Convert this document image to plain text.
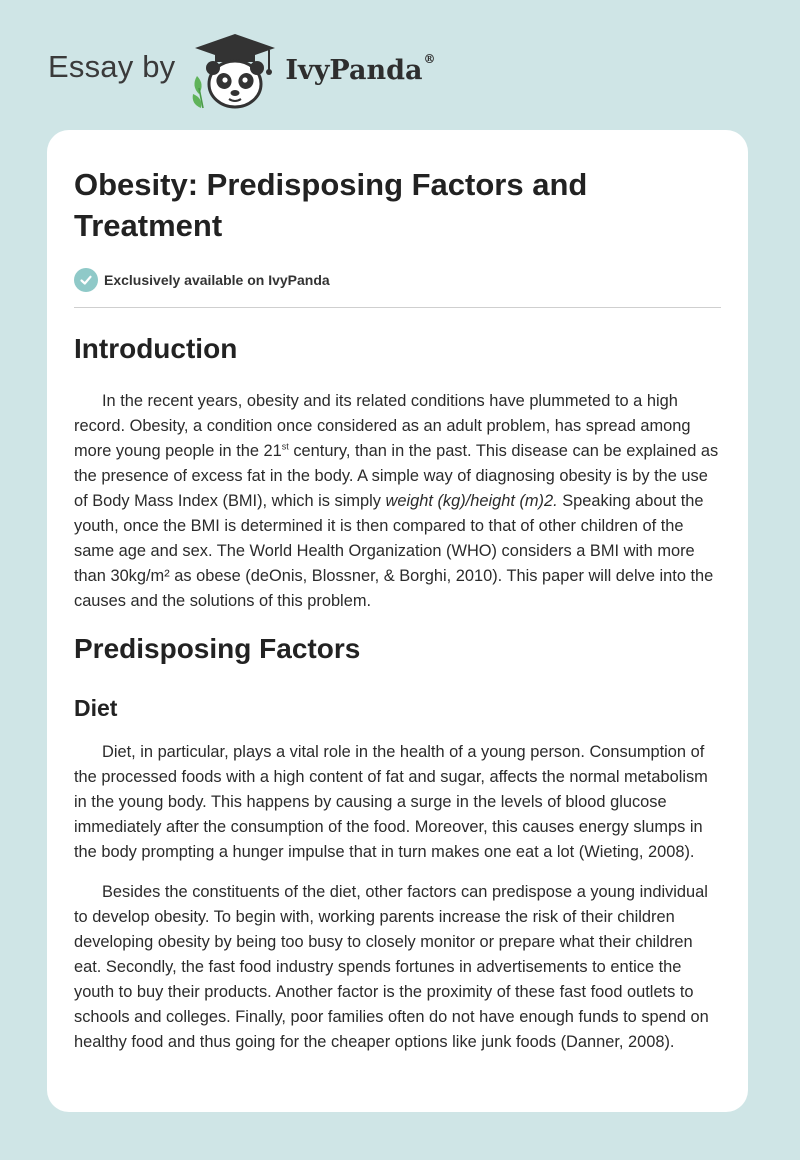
Essay by	IvyPanda®
Obesity: Predisposing Factors and Treatment
Exclusively available on IvyPanda
Introduction

In the recent years, obesity and its related conditions have plummeted to a high record. Obesity, a condition once considered as an adult problem, has spread among more young people in the 21st century, than in the past. This disease can be explained as the presence of excess fat in the body. A simple way of diagnosing obesity is by the use of Body Mass Index (BMI), which is simply weight (kg)/height (m)2. Speaking about the youth, once the BMI is determined it is then compared to that of other children of the same age and sex. The World Health Organization (WHO) considers a BMI with more than 30kg/m² as obese (deOnis, Blossner, & Borghi, 2010). This paper will delve into the causes and the solutions of this problem.

Predisposing Factors
Diet

Diet, in particular, plays a vital role in the health of a young person. Consumption of the processed foods with a high content of fat and sugar, affects the normal metabolism in the young body. This happens by causing a surge in the levels of blood glucose immediately after the consumption of the food. Moreover, this causes energy slumps in the body prompting a hunger impulse that in turn makes one eat a lot (Wieting, 2008).

Besides the constituents of the diet, other factors can predispose a young individual to develop obesity. To begin with, working parents increase the risk of their children developing obesity by being too busy to closely monitor or prepare what their children eat. Secondly, the fast food industry spends fortunes in advertisements to entice the youth to buy their products. Another factor is the proximity of these fast food outlets to schools and colleges. Finally, poor families often do not have enough funds to spend on healthy food and thus going for the cheaper options like junk foods (Danner, 2008).
